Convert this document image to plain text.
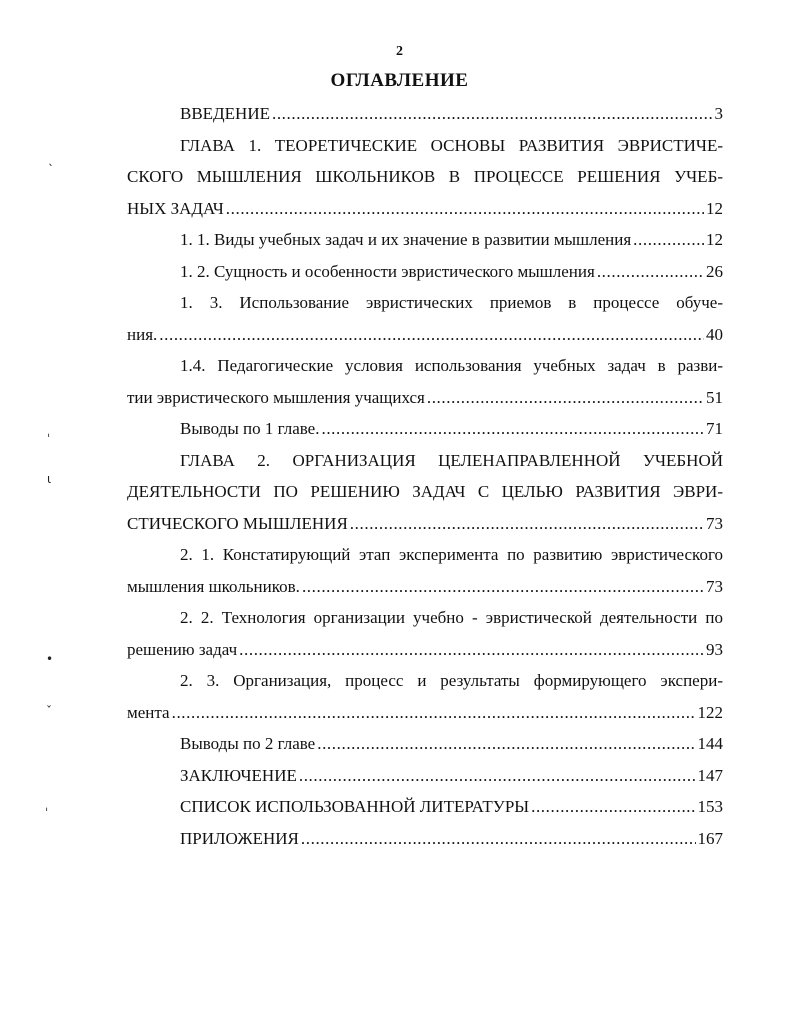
2
ОГЛАВЛЕНИЕ
ВВЕДЕНИЕ .....	3
ГЛАВА 1. ТЕОРЕТИЧЕСКИЕ ОСНОВЫ РАЗВИТИЯ ЭВРИСТИЧЕ- СКОГО МЫШЛЕНИЯ ШКОЛЬНИКОВ В ПРОЦЕССЕ РЕШЕНИЯ УЧЕБ-
НЫХ ЗАДАЧ .....	12
1. 1. Виды учебных задач и их значение в развитии мышления .....	12
1. 2. Сущность и особенности эвристического мышления .....	26
1. 3. Использование эвристических приемов в процессе обуче-
ния. .....	40
1.4. Педагогические условия использования учебных задач в разви-
тии эвристического мышления учащихся .....	51
Выводы по 1 главе. .....	71
ГЛАВА 2. ОРГАНИЗАЦИЯ ЦЕЛЕНАПРАВЛЕННОЙ УЧЕБНОЙ ДЕЯТЕЛЬНОСТИ ПО РЕШЕНИЮ ЗАДАЧ С ЦЕЛЬЮ РАЗВИТИЯ ЭВРИ-
СТИЧЕСКОГО МЫШЛЕНИЯ .....	73
2. 1. Констатирующий этап эксперимента по развитию эвристического
мышления школьников. .....	73
2. 2. Технология организации учебно - эвристической деятельности по
решению задач .....	93
2. 3. Организация, процесс и результаты формирующего экспери-
мента .....	122
Выводы по 2 главе .....	144
ЗАКЛЮЧЕНИЕ .....	147
СПИСОК ИСПОЛЬЗОВАННОЙ ЛИТЕРАТУРЫ .....	153
ПРИЛОЖЕНИЯ .....	167
ˎ
ˈ
ι
•
ˇ
ˌ
